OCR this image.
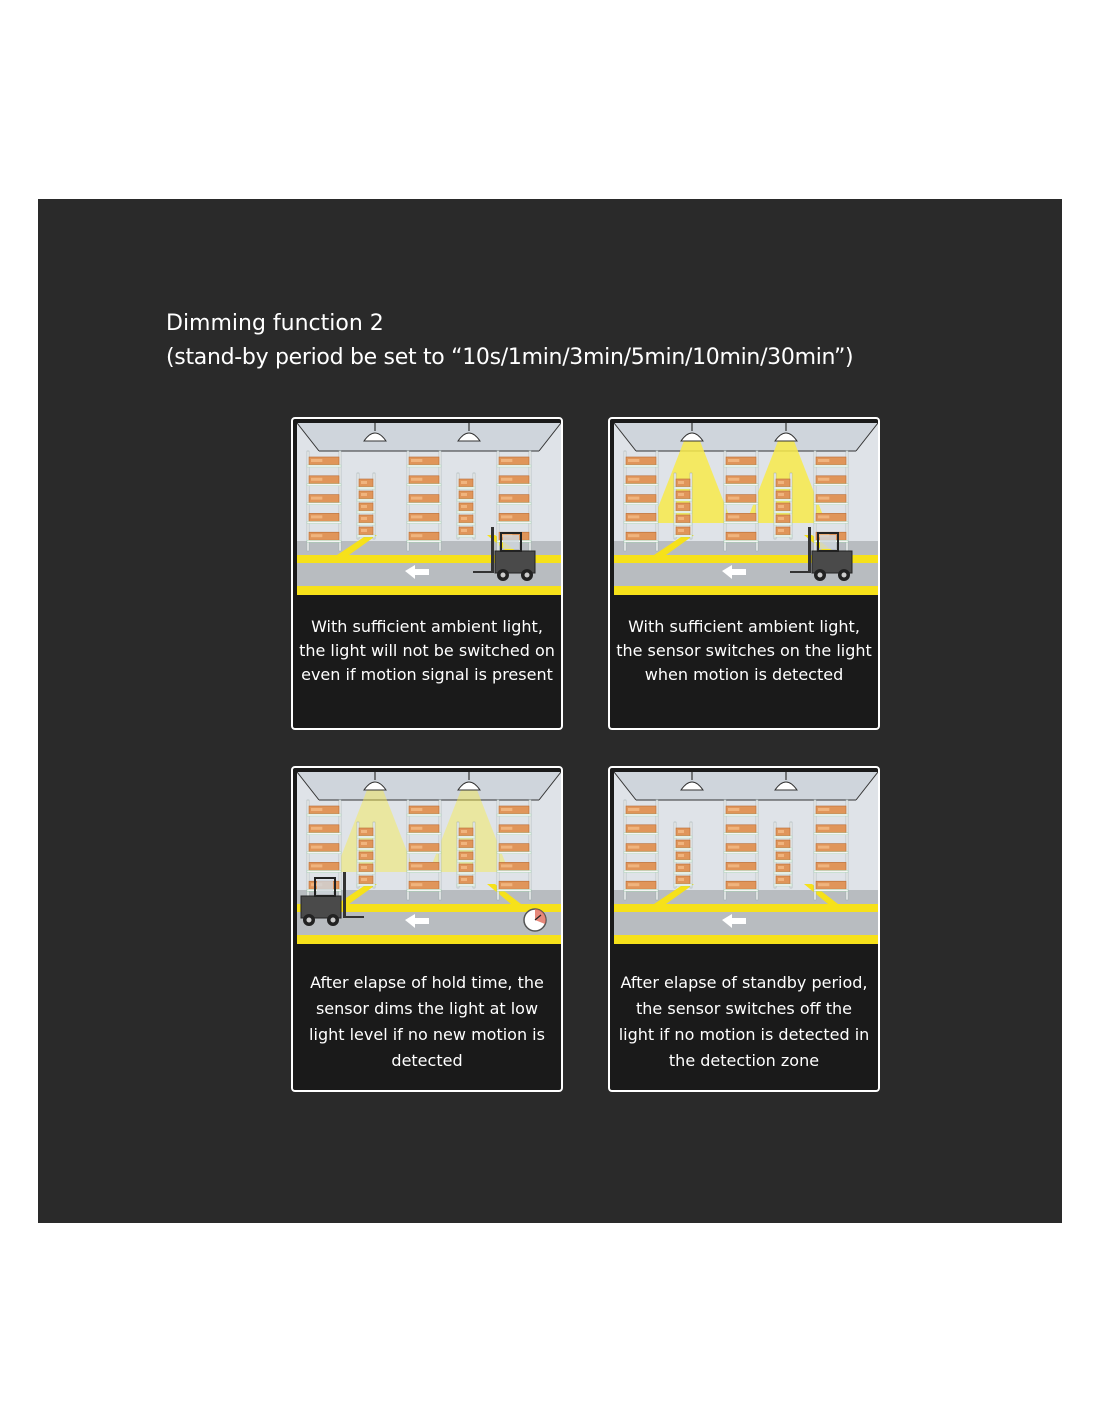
Dimming function 2

(stand-by period be set to “10s/1min/3min/5min/10min/30min”)

With sufficient ambient light, the light will not be switched on even if motion signal is present

With sufficient ambient light, the sensor switches on the light when motion is detected

After elapse of hold time, the sensor dims the light at low light level if no new motion is detected

After elapse of standby period, the sensor switches off the light if no motion is detected in the detection zone
